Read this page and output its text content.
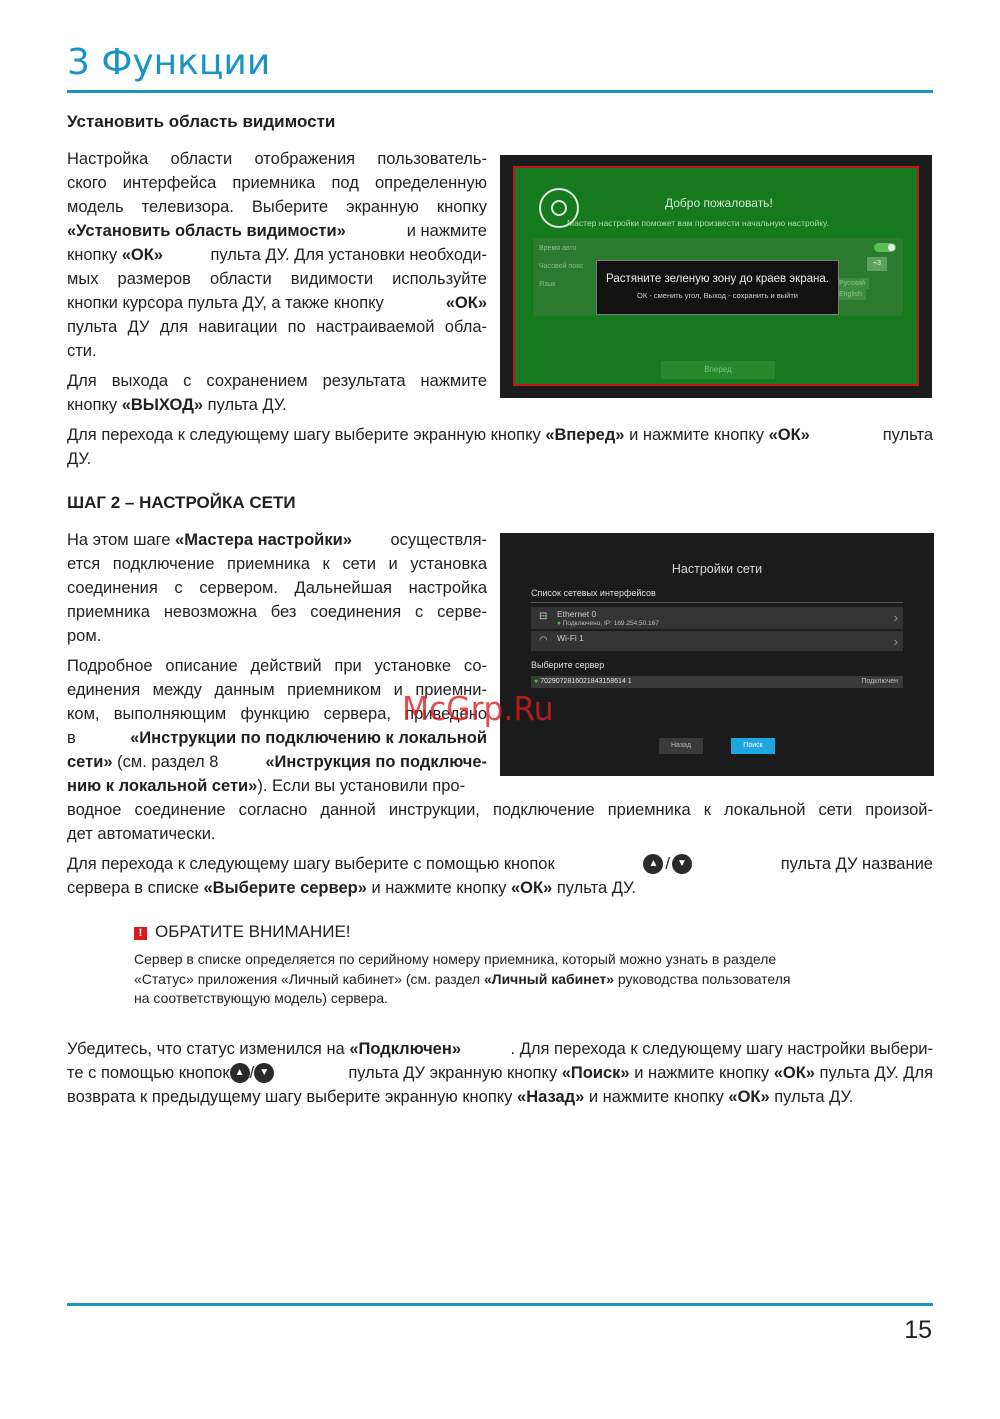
3 Функции
Установить область видимости
Настройка области отображения пользователь-
ского интерфейса приемника под определенную
модель телевизора. Выберите экранную кнопку
«Установить область видимости»	и нажмите
кнопку «ОК»	пульта ДУ. Для установки необходи-
мых размеров области видимости используйте
кнопки курсора пульта ДУ, а также кнопку	«ОК»
пульта ДУ для навигации по настраиваемой обла-
сти.
Для выхода с сохранением результата нажмите
кнопку «ВЫХОД» пульта ДУ.
Для перехода к следующему шагу выберите экранную кнопку «Вперед» и нажмите кнопку «ОК»	пульта
ДУ.
Добро пожаловать!
Мастер настройки поможет вам произвести начальную настройку.
Время авто
Часовой пояс
Язык
+3
РусскийEnglish
Растяните зеленую зону до краев экрана.
ОК - сменить угол, Выход - сохранить и выйти
Вперед
ШАГ 2 – НАСТРОЙКА СЕТИ
На этом шаге «Мастера настройки» осуществля-
ется подключение приемника к сети и установка
соединения с сервером. Дальнейшая настройка
приемника невозможна без соединения с серве-
ром.
Подробное описание действий при установке со-
единения между данным приемником и приемни-
ком, выполняющим функцию сервера, приведено
в	«Инструкции по подключению к локальной
сети» (см. раздел 8	«Инструкция по подключе-
нию к локальной сети»). Если вы установили про-
водное соединение согласно данной инструкции, подключение приемника к локальной сети произой-
дет автоматически.
Для перехода к следующему шагу выберите с помощью кнопок	▲ / ▼	пульта ДУ название
сервера в списке «Выберите сервер» и нажмите кнопку «ОК» пульта ДУ.
Настройки сети
Список сетевых интерфейсов
⊟ Ethernet 0
● Подключено, IP: 169.254.50.167	›
◠ Wi-Fi 1	›
Выберите сервер
● 7029072816021843158614 1	Подключен
Назад	Поиск
McGrp.Ru
! ОБРАТИТЕ ВНИМАНИЕ!
Сервер в списке определяется по серийному номеру приемника, который можно узнать в разделе
«Статус» приложения «Личный кабинет» (см. раздел «Личный кабинет» руководства пользователя
на соответствующую модель) сервера.
Убедитесь, что статус изменился на «Подключен»	. Для перехода к следующему шагу настройки выбери-
те с помощью кнопок ▲ / ▼	пульта ДУ экранную кнопку «Поиск» и нажмите кнопку «ОК» пульта ДУ. Для
возврата к предыдущему шагу выберите экранную кнопку «Назад» и нажмите кнопку «ОК» пульта ДУ.
15
